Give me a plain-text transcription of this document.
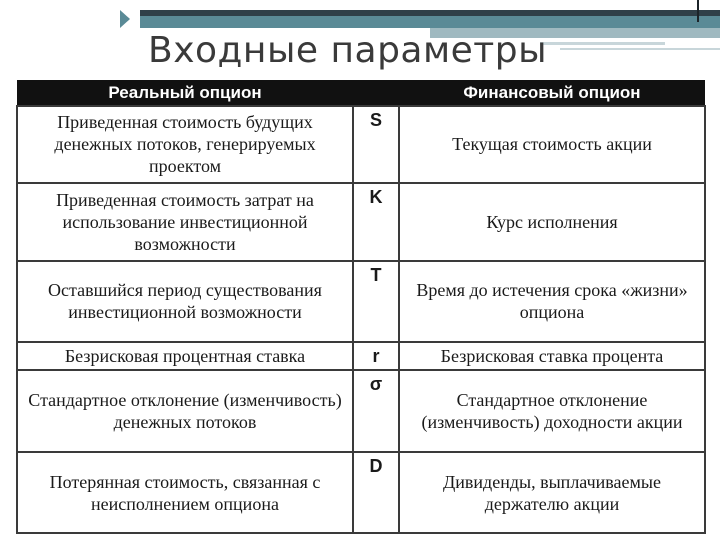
Входные параметры
Реальный опцион		Финансовый опцион
Приведенная стоимость будущих денежных потоков, генерируемых проектом	S	Текущая стоимость акции
Приведенная стоимость затрат на использование инвестиционной возможности	K	Курс исполнения
Оставшийся период существования инвестиционной возможности	T	Время до истечения срока «жизни» опциона
Безрисковая процентная ставка	r	Безрисковая ставка процента
Стандартное отклонение (изменчивость) денежных потоков	σ	Стандартное отклонение (изменчивость) доходности акции
Потерянная стоимость, связанная с неисполнением опциона	D	Дивиденды, выплачиваемые держателю акции
